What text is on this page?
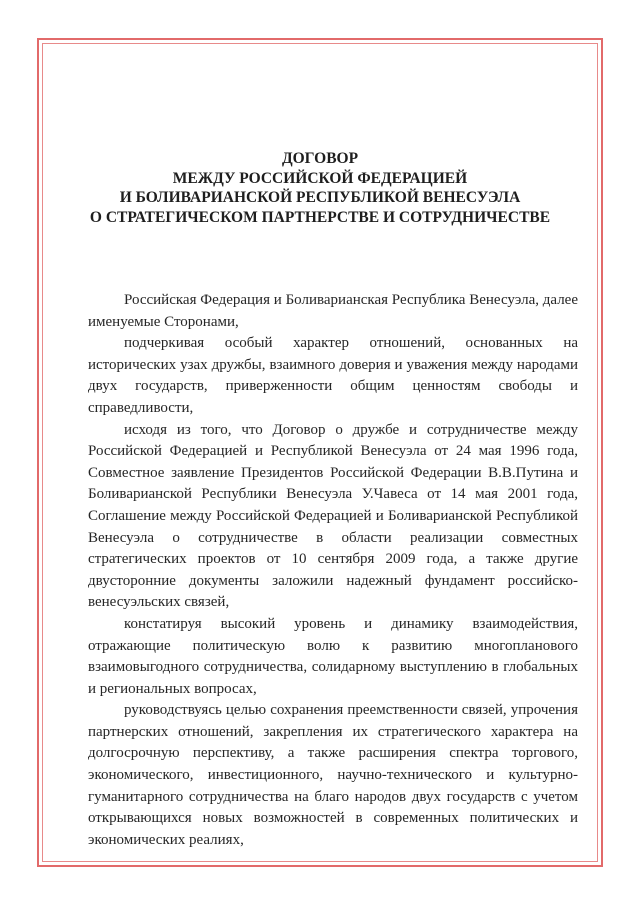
ДОГОВОР
МЕЖДУ РОССИЙСКОЙ ФЕДЕРАЦИЕЙ
И БОЛИВАРИАНСКОЙ РЕСПУБЛИКОЙ ВЕНЕСУЭЛА
О СТРАТЕГИЧЕСКОМ ПАРТНЕРСТВЕ И СОТРУДНИЧЕСТВЕ

Российская Федерация и Боливарианская Республика Венесуэла, далее именуемые Сторонами,

подчеркивая особый характер отношений, основанных на исторических узах дружбы, взаимного доверия и уважения между народами двух государств, приверженности общим ценностям свободы и справедливости,

исходя из того, что Договор о дружбе и сотрудничестве между Российской Федерацией и Республикой Венесуэла от 24 мая 1996 года, Совместное заявление Президентов Российской Федерации В.В.Путина и Боливарианской Республики Венесуэла У.Чавеса от 14 мая 2001 года, Соглашение между Российской Федерацией и Боливарианской Республикой Венесуэла о сотрудничестве в области реализации совместных стратегических проектов от 10 сентября 2009 года, а также другие двусторонние документы заложили надежный фундамент российско-венесуэльских связей,

констатируя высокий уровень и динамику взаимодействия, отражающие политическую волю к развитию многопланового взаимовыгодного сотрудничества, солидарному выступлению в глобальных и региональных вопросах,

руководствуясь целью сохранения преемственности связей, упрочения партнерских отношений, закрепления их стратегического характера на долгосрочную перспективу, а также расширения спектра торгового, экономического, инвестиционного, научно-технического и культурно-гуманитарного сотрудничества на благо народов двух государств с учетом открывающихся новых возможностей в современных политических и экономических реалиях,
